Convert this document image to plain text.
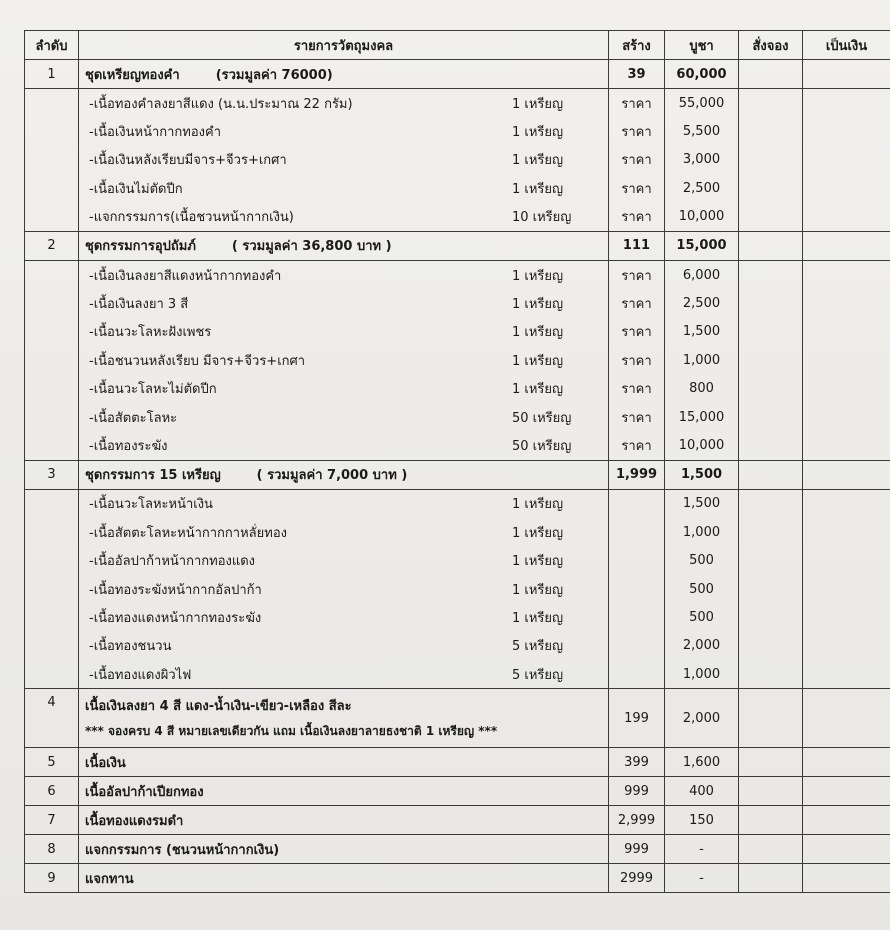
ลำดับ	รายการวัตถุมงคล	สร้าง	บูชา	สั่งจอง	เป็นเงิน
1	ชุดเหรียญทองคำ (รวมมูลค่า 76000)	39	60,000		

	-เนื้อทองคำลงยาสีแดง (น.น.ประมาณ 22 กรัม) 1 เหรียญ	ราคา	55,000		

	-เนื้อเงินหน้ากากทองคำ 1 เหรียญ	ราคา	5,500		

	-เนื้อเงินหลังเรียบมีจาร+จีวร+เกศา 1 เหรียญ	ราคา	3,000		

	-เนื้อเงินไม่ตัดปีก 1 เหรียญ	ราคา	2,500		

	-แจกกรรมการ(เนื้อชวนหน้ากากเงิน) 10 เหรียญ	ราคา	10,000		
2	ชุดกรรมการอุปถัมภ์ ( รวมมูลค่า 36,800 บาท )	111	15,000		

	-เนื้อเงินลงยาสีแดงหน้ากากทองคำ 1 เหรียญ	ราคา	6,000		

	-เนื้อเงินลงยา 3 สี 1 เหรียญ	ราคา	2,500		

	-เนื้อนวะโลหะฝังเพชร 1 เหรียญ	ราคา	1,500		

	-เนื้อชนวนหลังเรียบ มีจาร+จีวร+เกศา 1 เหรียญ	ราคา	1,000		

	-เนื้อนวะโลหะไม่ตัดปีก 1 เหรียญ	ราคา	800		

	-เนื้อสัตตะโลหะ 50 เหรียญ	ราคา	15,000		

	-เนื้อทองระฆัง 50 เหรียญ	ราคา	10,000		
3	ชุดกรรมการ 15 เหรียญ ( รวมมูลค่า 7,000 บาท )	1,999	1,500		

	-เนื้อนวะโลหะหน้าเงิน 1 เหรียญ		1,500		

	-เนื้อสัตตะโลหะหน้ากากกาหลั่ยทอง 1 เหรียญ		1,000		

	-เนื้ออัลปาก้าหน้ากากทองแดง 1 เหรียญ		500		

	-เนื้อทองระฆังหน้ากากอัลปาก้า 1 เหรียญ		500		

	-เนื้อทองแดงหน้ากากทองระฆัง 1 เหรียญ		500		

	-เนื้อทองชนวน 5 เหรียญ		2,000		

	-เนื้อทองแดงผิวไฟ 5 เหรียญ		1,000		
4	เนื้อเงินลงยา 4 สี แดง-น้ำเงิน-เขียว-เหลือง สีละ
*** จองครบ 4 สี หมายเลขเดียวกัน แถม เนื้อเงินลงยาลายธงชาติ 1 เหรียญ ***	199	2,000		
5	เนื้อเงิน	399	1,600		
6	เนื้ออัลปาก้าเปียกทอง	999	400		
7	เนื้อทองแดงรมดำ	2,999	150		
8	แจกกรรมการ (ชนวนหน้ากากเงิน)	999	-		
9	แจกทาน	2999	-		
